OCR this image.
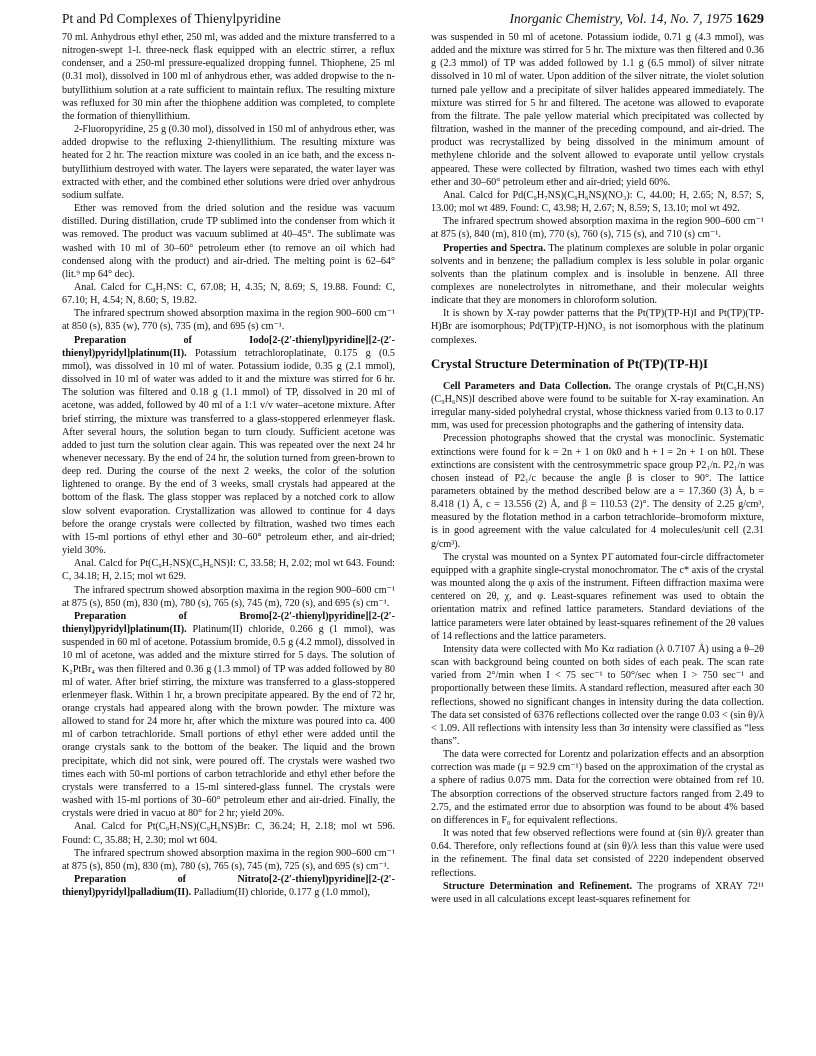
Pt and Pd Complexes of Thienylpyridine	Inorganic Chemistry, Vol. 14, No. 7, 1975 1629

70 ml. Anhydrous ethyl ether, 250 ml, was added and the mixture transferred to a nitrogen-swept 1-l. three-neck flask equipped with an electric stirrer, a reflux condenser, and a 250-ml pressure-equalized dropping funnel. Thiophene, 25 ml (0.31 mol), dissolved in 100 ml of anhydrous ether, was added dropwise to the n-butyllithium solution at a rate sufficient to maintain reflux. The resulting mixture was refluxed for 30 min after the thiophene addition was completed, to complete the formation of thienyllithium.

2-Fluoropyridine, 25 g (0.30 mol), dissolved in 150 ml of anhydrous ether, was added dropwise to the refluxing 2-thienyllithium. The resulting mixture was heated for 2 hr. The reaction mixture was cooled in an ice bath, and the excess n-butyllithium destroyed with water. The layers were separated, the water layer was extracted with ether, and the combined ether solutions were dried over anhydrous sodium sulfate.

Ether was removed from the dried solution and the residue was vacuum distilled. During distillation, crude TP sublimed into the condenser from which it was removed. The product was vacuum sublimed at 40–45°. The sublimate was washed with 10 ml of 30–60° petroleum ether (to remove an oil which had condensed along with the product) and air-dried. The melting point is 62–64° (lit.⁹ mp 64° dec).

Anal. Calcd for C₉H₇NS: C, 67.08; H, 4.35; N, 8.69; S, 19.88. Found: C, 67.10; H, 4.54; N, 8.60; S, 19.82.

The infrared spectrum showed absorption maxima in the region 900–600 cm⁻¹ at 850 (s), 835 (w), 770 (s), 735 (m), and 695 (s) cm⁻¹.

Preparation of Iodo[2-(2′-thienyl)pyridine][2-(2′-thienyl)pyridyl]platinum(II). Potassium tetrachloroplatinate, 0.175 g (0.5 mmol), was dissolved in 10 ml of water. Potassium iodide, 0.35 g (2.1 mmol), dissolved in 10 ml of water was added to it and the mixture was stirred for 6 hr. The solution was filtered and 0.18 g (1.1 mmol) of TP, dissolved in 20 ml of acetone, was added, followed by 40 ml of a 1:1 v/v water–acetone mixture. After brief stirring, the mixture was transferred to a glass-stoppered erlenmeyer flask. After several hours, the solution began to turn cloudy. Sufficient acetone was added to just turn the solution clear again. This was repeated over the next 24 hr whenever necessary. By the end of 24 hr, the solution turned from green-brown to deep red. During the course of the next 2 weeks, the color of the solution lightened to orange. By the end of 3 weeks, small crystals had appeared at the bottom of the flask. The glass stopper was replaced by a notched cork to allow slow solvent evaporation. Crystallization was allowed to continue for 4 days before the orange crystals were collected by filtration, washed two times each with 15-ml portions of ethyl ether and 30–60° petroleum ether, and air-dried; yield 30%.

Anal. Calcd for Pt(C₉H₇NS)(C₉H₆NS)I: C, 33.58; H, 2.02; mol wt 643. Found: C, 34.18; H, 2.15; mol wt 629.

The infrared spectrum showed absorption maxima in the region 900–600 cm⁻¹ at 875 (s), 850 (m), 830 (m), 780 (s), 765 (s), 745 (m), 720 (s), and 695 (s) cm⁻¹.

Preparation of Bromo[2-(2′-thienyl)pyridine][2-(2′-thienyl)pyridyl]platinum(II). Platinum(II) chloride, 0.266 g (1 mmol), was suspended in 60 ml of acetone. Potassium bromide, 0.5 g (4.2 mmol), dissolved in 10 ml of acetone, was added and the mixture stirred for 5 days. The solution of K₂PtBr₄ was then filtered and 0.36 g (1.3 mmol) of TP was added followed by 80 ml of water. After brief stirring, the mixture was transferred to a glass-stoppered erlenmeyer flask. Within 1 hr, a brown precipitate appeared. By the end of 72 hr, orange crystals had appeared along with the brown powder. The mixture was allowed to stand for 24 more hr, after which the mixture was poured into ca. 400 ml of carbon tetrachloride. Small portions of ethyl ether were added until the orange crystals sank to the bottom of the beaker. The liquid and the brown precipitate, which did not sink, were poured off. The crystals were washed two times each with 50-ml portions of carbon tetrachloride and ethyl ether before the crystals were transferred to a 15-ml sintered-glass funnel. The crystals were washed with 15-ml portions of 30–60° petroleum ether and air-dried. Finally, the crystals were dried in vacuo at 80° for 2 hr; yield 20%.

Anal. Calcd for Pt(C₉H₇NS)(C₉H₆NS)Br: C, 36.24; H, 2.18; mol wt 596. Found: C, 35.88; H, 2.30; mol wt 604.

The infrared spectrum showed absorption maxima in the region 900–600 cm⁻¹ at 875 (s), 850 (m), 830 (m), 780 (s), 765 (s), 745 (m), 725 (s), and 695 (s) cm⁻¹.

Preparation of Nitrato[2-(2′-thienyl)pyridine][2-(2′-thienyl)pyridyl]palladium(II). Palladium(II) chloride, 0.177 g (1.0 mmol),

was suspended in 50 ml of acetone. Potassium iodide, 0.71 g (4.3 mmol), was added and the mixture was stirred for 5 hr. The mixture was then filtered and 0.36 g (2.3 mmol) of TP was added followed by 1.1 g (6.5 mmol) of silver nitrate dissolved in 10 ml of water. Upon addition of the silver nitrate, the violet solution turned pale yellow and a precipitate of silver halides appeared immediately. The mixture was stirred for 5 hr and filtered. The acetone was allowed to evaporate from the filtrate. The pale yellow material which precipitated was collected by filtration, washed in the manner of the preceding compound, and air-dried. The product was recrystallized by being dissolved in the minimum amount of methylene chloride and the solvent allowed to evaporate until yellow crystals appeared. These were collected by filtration, washed two times each with ethyl ether and 30–60° petroleum ether and air-dried; yield 60%.

Anal. Calcd for Pd(C₉H₇NS)(C₉H₆NS)(NO₃): C, 44.00; H, 2.65; N, 8.57; S, 13.00; mol wt 489. Found: C, 43.98; H, 2.67; N, 8.59; S, 13.10; mol wt 492.

The infrared spectrum showed absorption maxima in the region 900–600 cm⁻¹ at 875 (s), 840 (m), 810 (m), 770 (s), 760 (s), 715 (s), and 710 (s) cm⁻¹.

Properties and Spectra. The platinum complexes are soluble in polar organic solvents and in benzene; the palladium complex is less soluble in polar organic solvents than the platinum complex and is insoluble in benzene. All three complexes are nonelectrolytes in nitromethane, and their molecular weights indicate that they are monomers in chloroform solution.

It is shown by X-ray powder patterns that the Pt(TP)(TP-H)I and Pt(TP)(TP-H)Br are isomorphous; Pd(TP)(TP-H)NO₃ is not isomorphous with the platinum complexes.

Crystal Structure Determination of Pt(TP)(TP-H)I

Cell Parameters and Data Collection. The orange crystals of Pt(C₉H₇NS)(C₉H₆NS)I described above were found to be suitable for X-ray examination. An irregular many-sided polyhedral crystal, whose thickness varied from 0.13 to 0.17 mm, was used for precession photographs and the gathering of intensity data.

Precession photographs showed that the crystal was monoclinic. Systematic extinctions were found for k = 2n + 1 on 0k0 and h + l = 2n + 1 on h0l. These extinctions are consistent with the centrosymmetric space group P2₁/n. P2₁/n was chosen instead of P2₁/c because the angle β is closer to 90°. The lattice parameters obtained by the method described below are a = 17.360 (3) Å, b = 8.418 (1) Å, c = 13.556 (2) Å, and β = 110.53 (2)°. The density of 2.25 g/cm³, measured by the flotation method in a carbon tetrachloride–bromoform mixture, is in good agreement with the value calculated for 4 molecules/unit cell (2.31 g/cm³).

The crystal was mounted on a Syntex P1̄ automated four-circle diffractometer equipped with a graphite single-crystal monochromator. The c* axis of the crystal was mounted along the φ axis of the instrument. Fifteen diffraction maxima were centered on 2θ, χ, and φ. Least-squares refinement was used to obtain the orientation matrix and refined lattice parameters. Standard deviations of the lattice parameters were later obtained by least-squares refinement of the 2θ values of 14 reflections and the lattice parameters.

Intensity data were collected with Mo Kα radiation (λ 0.7107 Å) using a θ–2θ scan with background being counted on both sides of each peak. The scan rate varied from 2°/min when I < 75 sec⁻¹ to 50°/sec when I > 750 sec⁻¹ and proportionally between these limits. A standard reflection, measured after each 30 reflections, showed no significant changes in intensity during the data collection. The data set consisted of 6376 reflections collected over the range 0.03 < (sin θ)/λ < 1.09. All reflections with intensity less than 3σ intensity were classified as “less thans”.

The data were corrected for Lorentz and polarization effects and an absorption correction was made (μ = 92.9 cm⁻¹) based on the approximation of the crystal as a sphere of radius 0.075 mm. Data for the correction were obtained from ref 10. The absorption corrections of the observed structure factors ranged from 2.49 to 2.75, and the estimated error due to absorption was found to be about 4% based on differences in F₀ for equivalent reflections.

It was noted that few observed reflections were found at (sin θ)/λ greater than 0.64. Therefore, only reflections found at (sin θ)/λ less than this value were used in the refinement. The final data set consisted of 2220 independent observed reflections.

Structure Determination and Refinement. The programs of XRAY 72¹¹ were used in all calculations except least-squares refinement for
